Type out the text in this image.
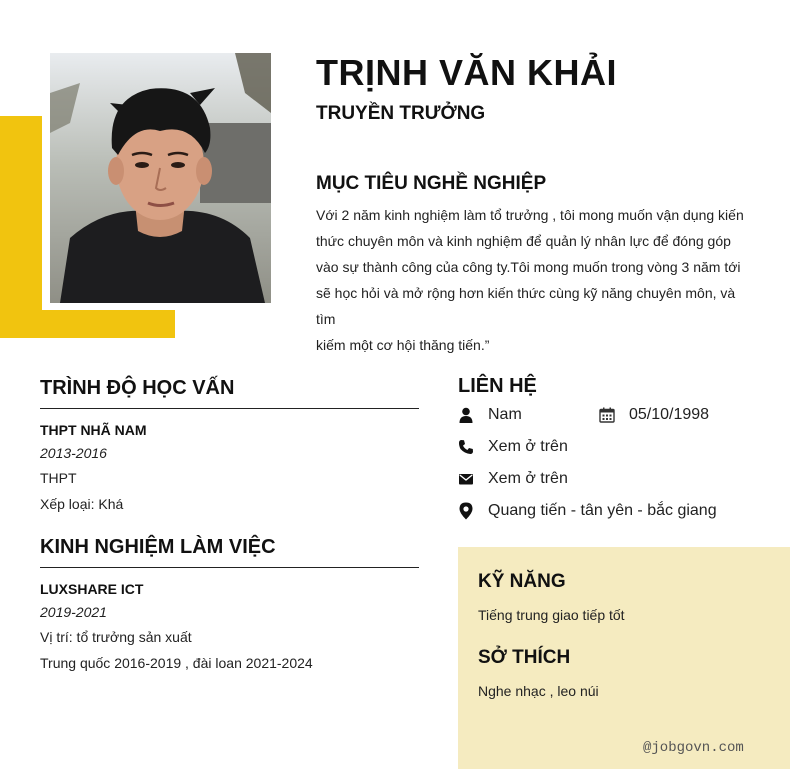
TRỊNH VĂN KHẢI
TRUYỀN TRƯỞNG
MỤC TIÊU NGHỀ NGHIỆP
Với 2 năm kinh nghiệm làm tổ trưởng , tôi mong muốn vận dụng kiến
thức chuyên môn và kinh nghiệm để quản lý nhân lực để đóng góp
vào sự thành công của công ty.Tôi mong muốn trong vòng 3 năm tới
sẽ học hỏi và mở rộng hơn kiến thức cùng kỹ năng chuyên môn, và tìm
kiếm một cơ hội thăng tiến.”
TRÌNH ĐỘ HỌC VẤN
THPT NHÃ NAM
2013-2016
THPT
Xếp loại: Khá
KINH NGHIỆM LÀM VIỆC
LUXSHARE ICT
2019-2021
Vị trí: tổ trưởng sản xuất
Trung quốc 2016-2019 , đài loan 2021-2024
LIÊN HỆ
Nam	05/10/1998
Xem ở trên
Xem ở trên
Quang tiến - tân yên - bắc giang
KỸ NĂNG
Tiếng trung giao tiếp tốt
SỞ THÍCH
Nghe nhạc , leo núi
@jobgovn.com
